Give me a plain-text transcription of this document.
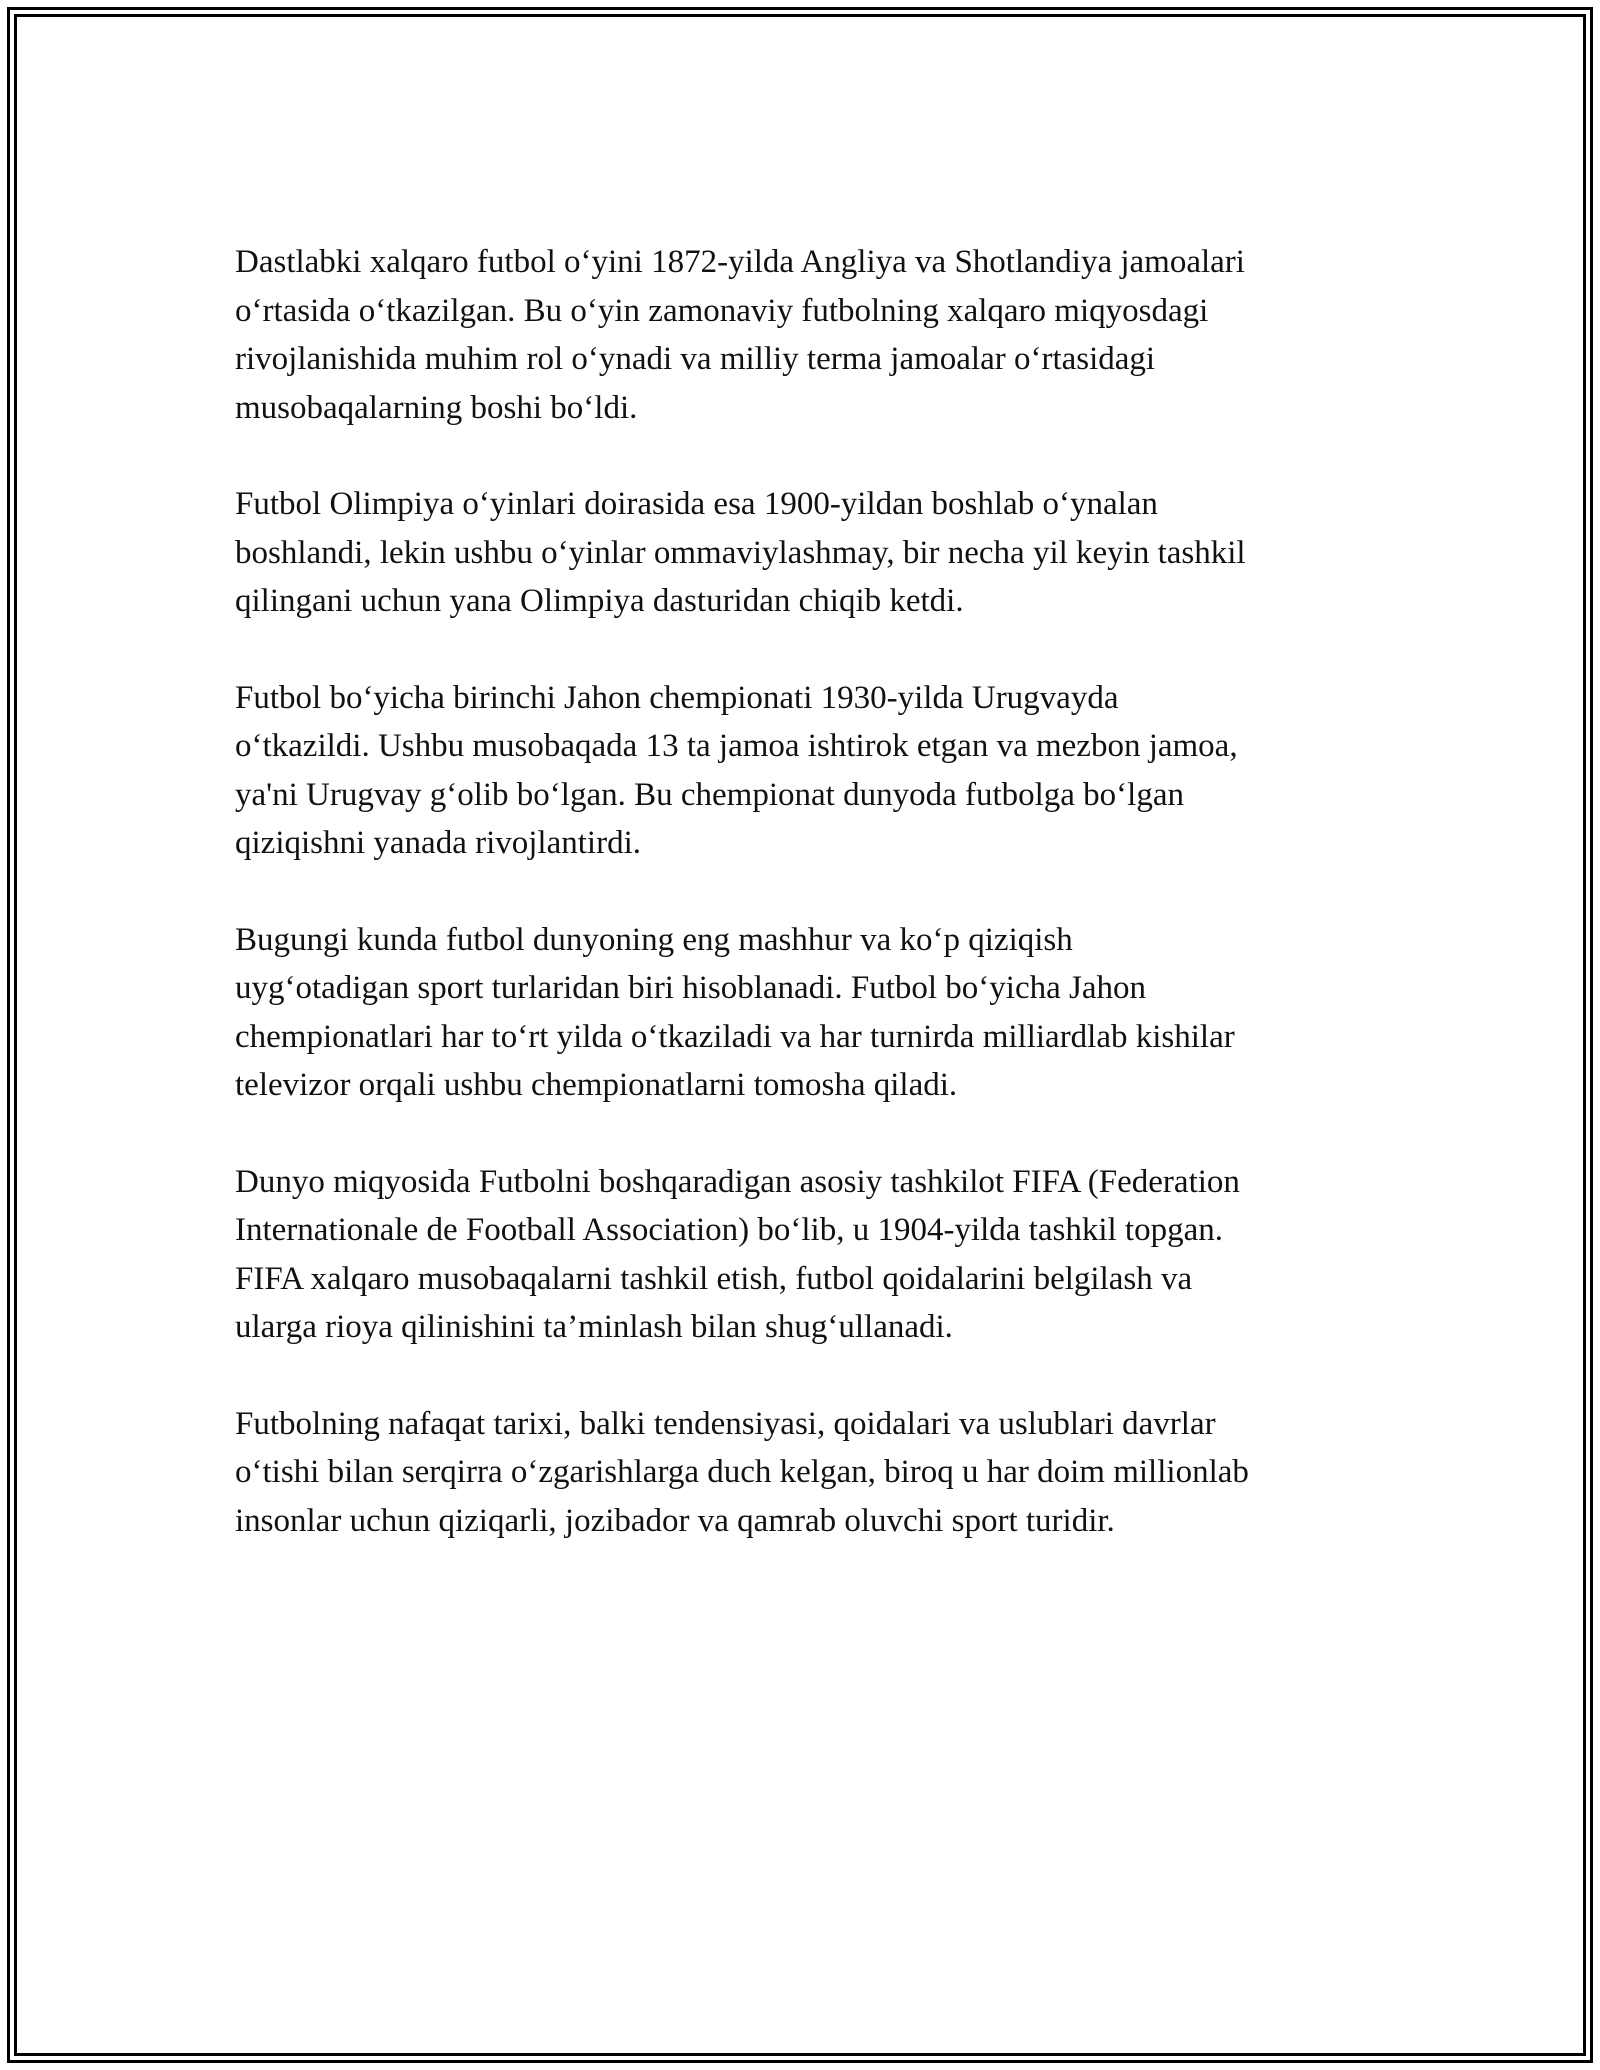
Dastlabki xalqaro futbol o‘yini 1872-yilda Angliya va Shotlandiya jamoalari
o‘rtasida o‘tkazilgan. Bu o‘yin zamonaviy futbolning xalqaro miqyosdagi
rivojlanishida muhim rol o‘ynadi va milliy terma jamoalar o‘rtasidagi
musobaqalarning boshi bo‘ldi.

Futbol Olimpiya o‘yinlari doirasida esa 1900-yildan boshlab o‘ynalan
boshlandi, lekin ushbu o‘yinlar ommaviylashmay, bir necha yil keyin tashkil
qilingani uchun yana Olimpiya dasturidan chiqib ketdi.

Futbol bo‘yicha birinchi Jahon chempionati 1930-yilda Urugvayda
o‘tkazildi. Ushbu musobaqada 13 ta jamoa ishtirok etgan va mezbon jamoa,
ya'ni Urugvay g‘olib bo‘lgan. Bu chempionat dunyoda futbolga bo‘lgan
qiziqishni yanada rivojlantirdi.

Bugungi kunda futbol dunyoning eng mashhur va ko‘p qiziqish
uyg‘otadigan sport turlaridan biri hisoblanadi. Futbol bo‘yicha Jahon
chempionatlari har to‘rt yilda o‘tkaziladi va har turnirda milliardlab kishilar
televizor orqali ushbu chempionatlarni tomosha qiladi.

Dunyo miqyosida Futbolni boshqaradigan asosiy tashkilot FIFA (Federation
Internationale de Football Association) bo‘lib, u 1904-yilda tashkil topgan.
FIFA xalqaro musobaqalarni tashkil etish, futbol qoidalarini belgilash va
ularga rioya qilinishini ta’minlash bilan shug‘ullanadi.

Futbolning nafaqat tarixi, balki tendensiyasi, qoidalari va uslublari davrlar
o‘tishi bilan serqirra o‘zgarishlarga duch kelgan, biroq u har doim millionlab
insonlar uchun qiziqarli, jozibador va qamrab oluvchi sport turidir.
